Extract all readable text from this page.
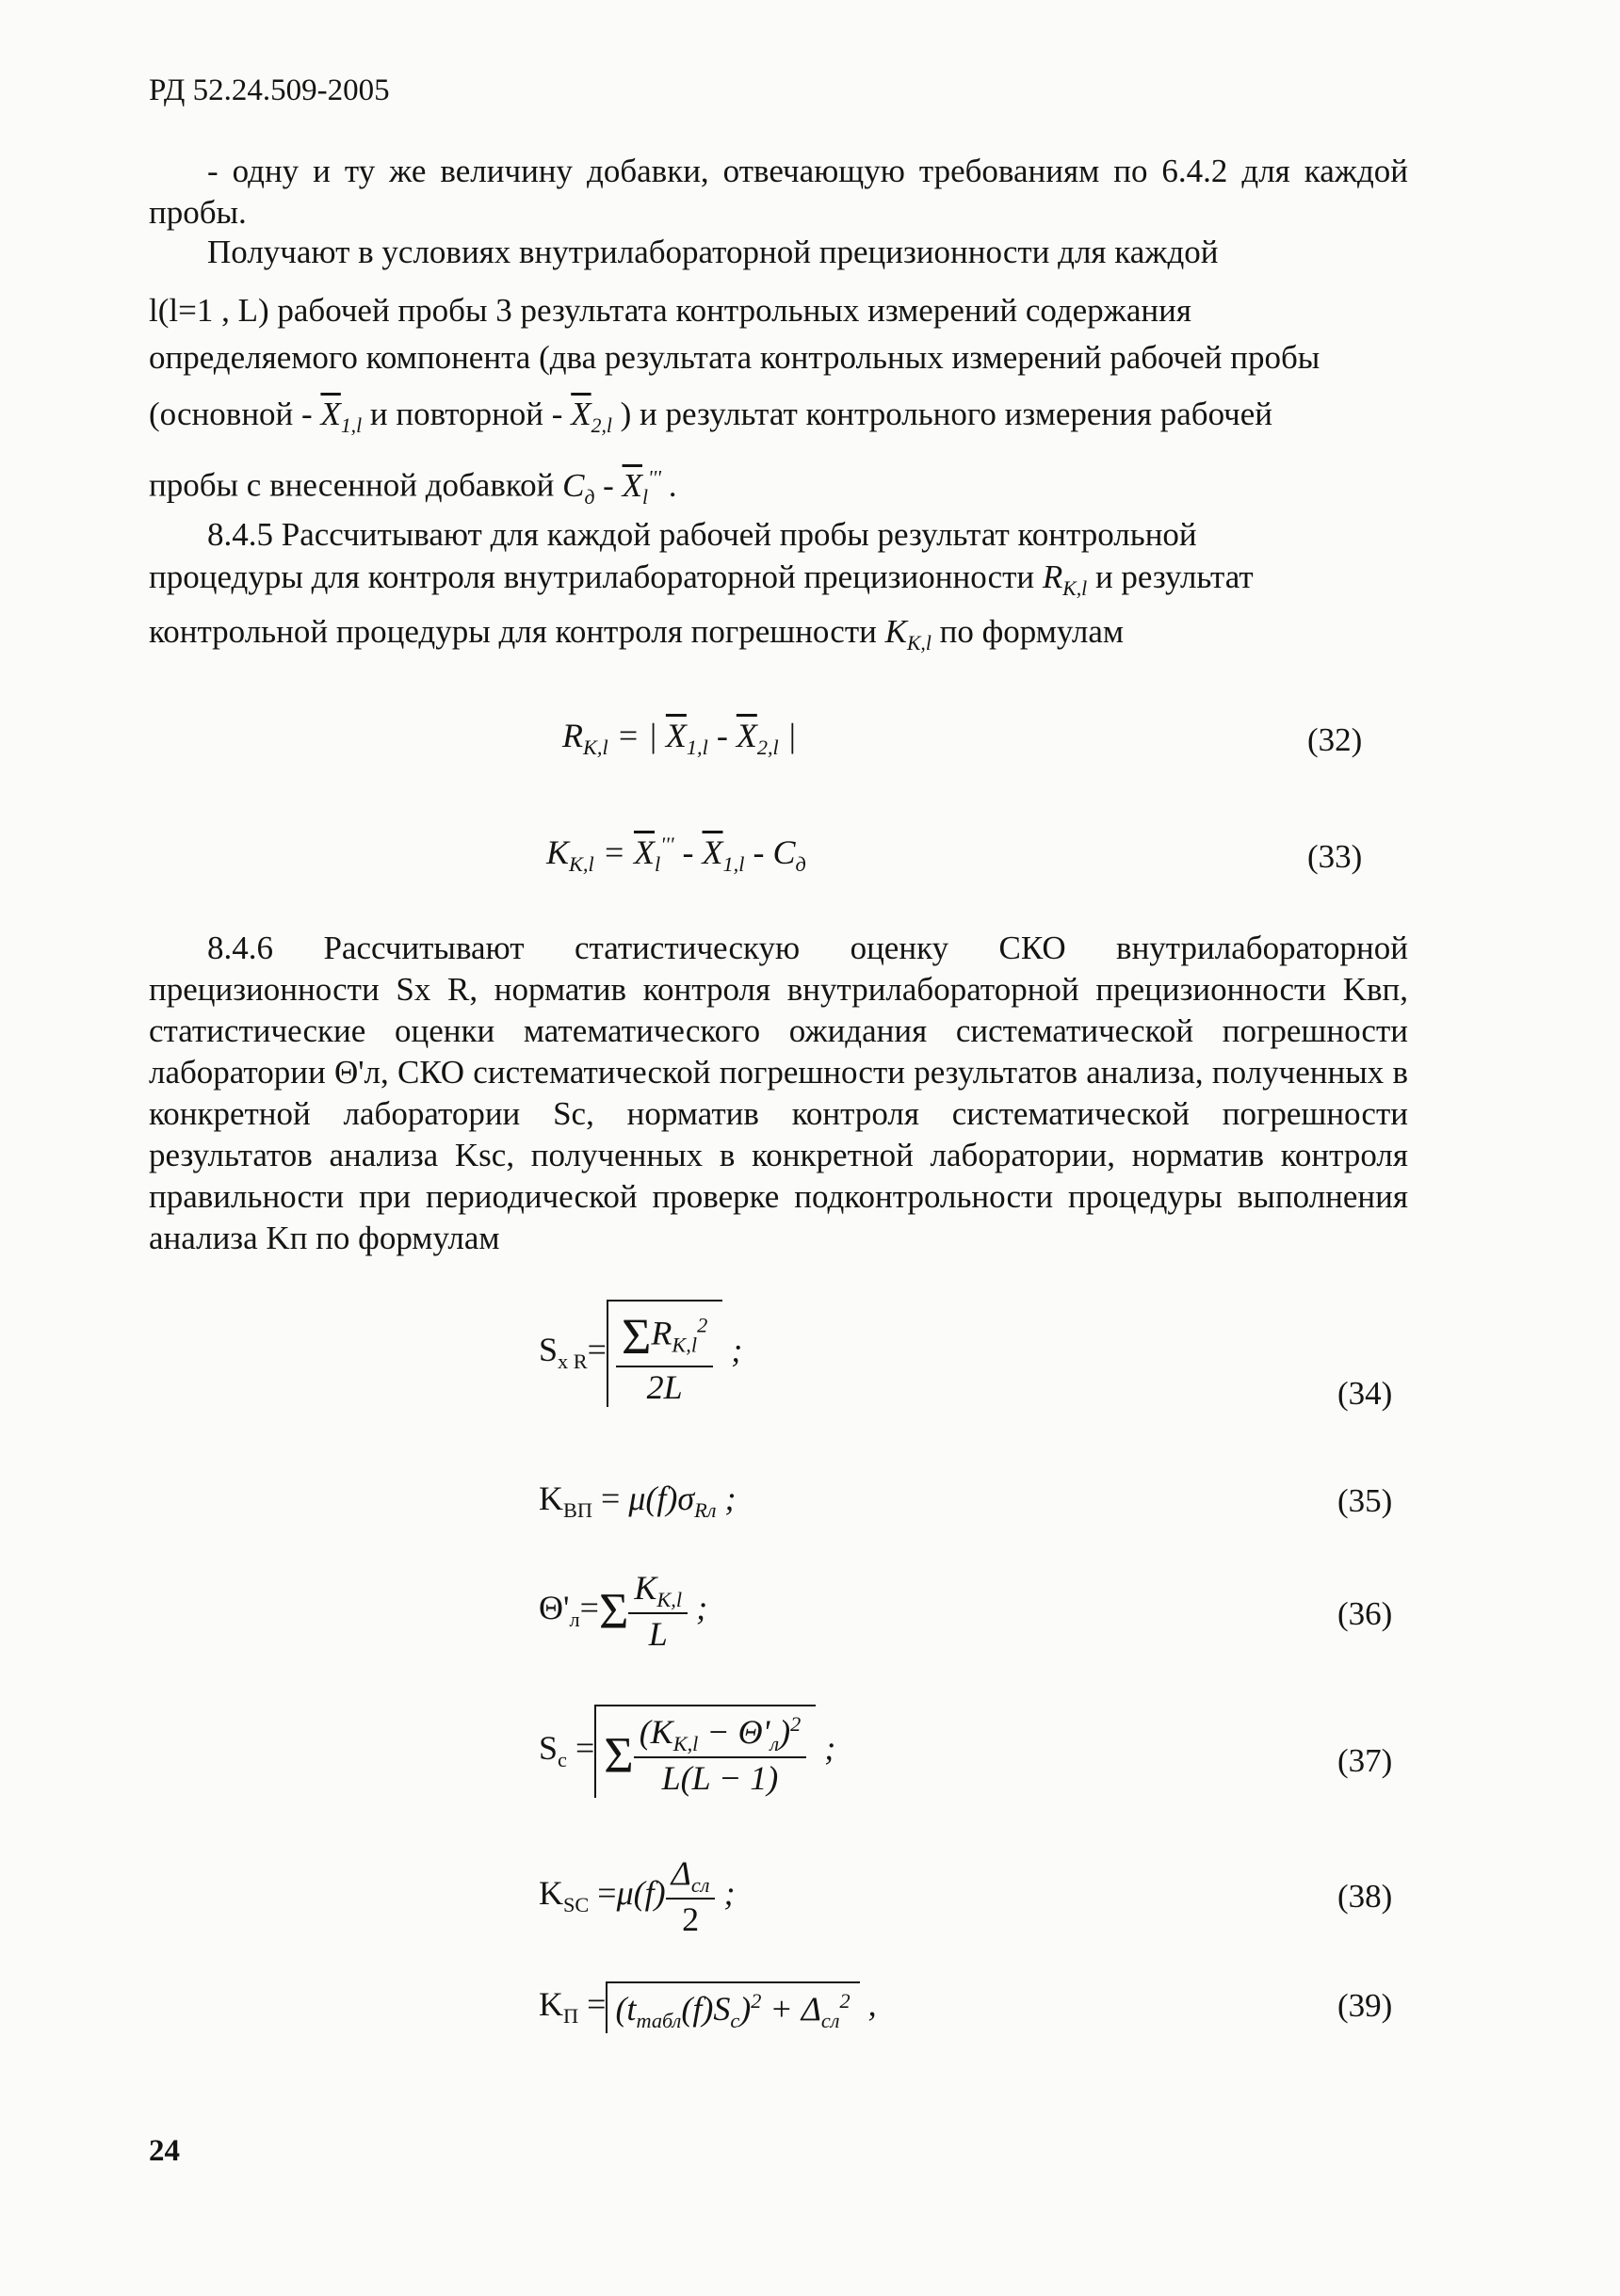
РД 52.24.509-2005
- одну и ту же величину добавки, отвечающую требованиям по 6.4.2 для каждой пробы.
Получают в условиях внутрилабораторной прецизионности для каждой
l(l=1 , L) рабочей пробы 3 результата контрольных измерений содержания
определяемого компонента (два результата контрольных измерений рабочей пробы
(основной - $\overline{X}_{1,l}$ и повторной - $\overline{X}_{2,l}$ ) и результат контрольного измерения рабочей
пробы с внесенной добавкой $C_д - \overline{X}_l'''$ .
8.4.5 Рассчитывают для каждой рабочей пробы результат контрольной
процедуры для контроля внутрилабораторной прецизионности $R_{K,l}$ и результат
контрольной процедуры для контроля погрешности $K_{K,l}$ по формулам
$R_{K,l}$ = | $\overline{X}_{1,l} - \overline{X}_{2,l}$ |	(32)
$K_{K,l} = \overline{X}_l''' - \overline{X}_{1,l} - C_д$	(33)
8.4.6 Рассчитывают статистическую оценку СКО внутрилабораторной прецизионности Sx R, норматив контроля внутрилабораторной прецизионности Kвп, статистические оценки математического ожидания систематической погрешности лаборатории Θ'л, СКО систематической погрешности результатов анализа, полученных в конкретной лаборатории Sc, норматив контроля систематической погрешности результатов анализа Ksc, полученных в конкретной лаборатории, норматив контроля правильности при периодической проверке подконтрольности процедуры выполнения анализа Kп по формулам
$S_{x R}= \frac{\Sigma R_{K,l}^2}{2L}$ ;
(34)
$K_{ВП} = \mu(f)\sigma_{Rл}$ ;	(35)
$\Theta'_л=\Sigma \frac{K_{K,l}}{L}$ ;	(36)
$S_c = \Sigma \frac{(K_{K,l} - \Theta'_л)^2}{L(L - 1)}$ ;	(37)
$K_{SC} =\mu(f) \frac{\Delta_{сл}}{2}$ ;	(38)
$K_П = (t_{табл}(f)S_c)^2 + \Delta_{сл}^2$ ,	(39)
24
